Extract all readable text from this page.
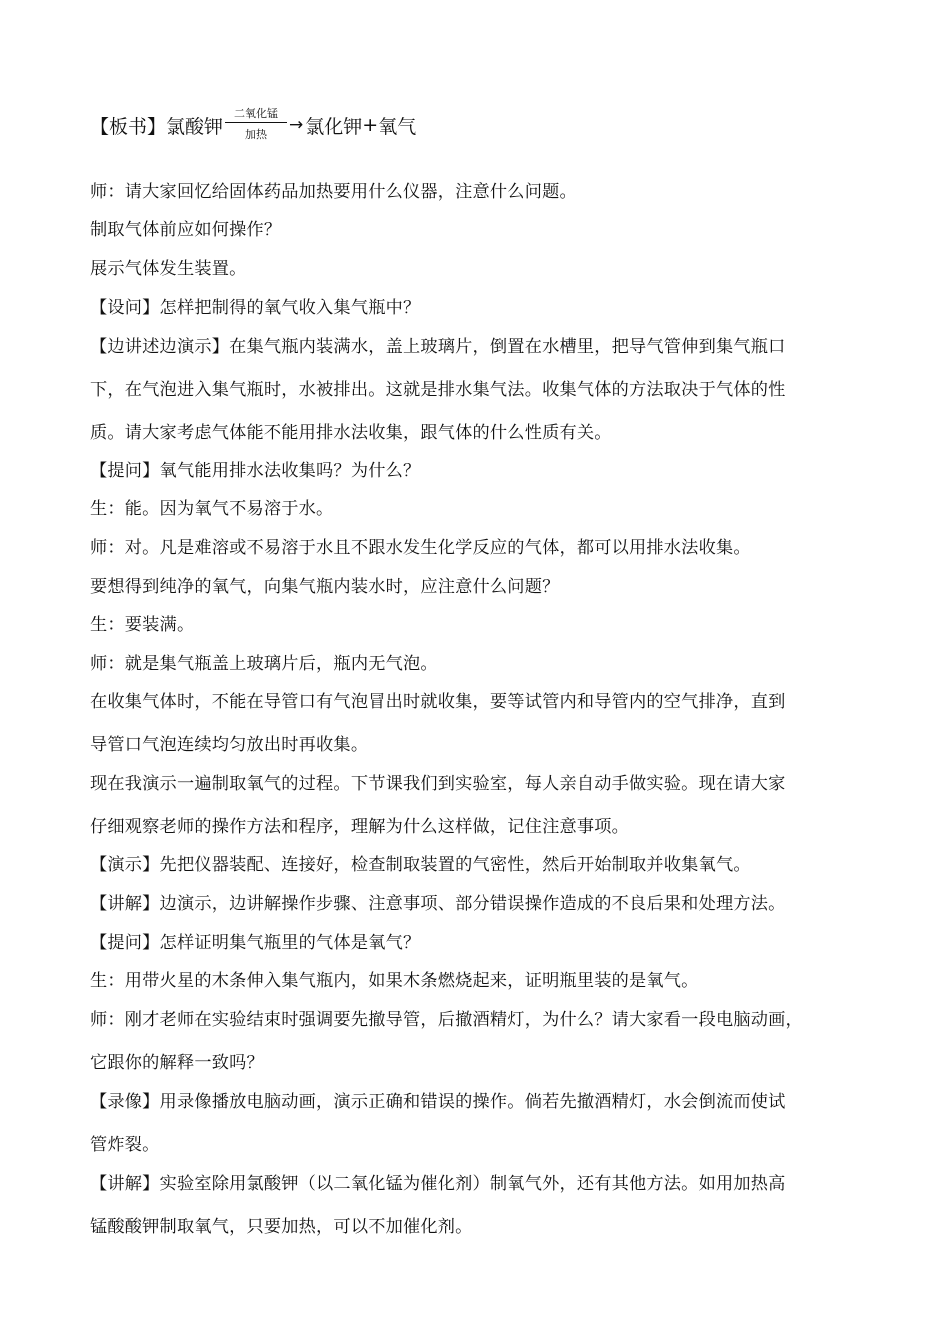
【板书】 氯酸钾 $\frac{\text{二氧化锰}}{\text{加热}}$ → 氯化钾 + 氧气
师：请大家回忆给固体药品加热要用什么仪器，注意什么问题。
制取气体前应如何操作？
展示气体发生装置。
【设问】怎样把制得的氧气收入集气瓶中？
【边讲述边演示】在集气瓶内装满水，盖上玻璃片，倒置在水槽里，把导气管伸到集气瓶口
下，在气泡进入集气瓶时，水被排出。这就是排水集气法。收集气体的方法取决于气体的性
质。请大家考虑气体能不能用排水法收集，跟气体的什么性质有关。
【提问】氧气能用排水法收集吗？为什么？
生：能。因为氧气不易溶于水。
师：对。凡是难溶或不易溶于水且不跟水发生化学反应的气体，都可以用排水法收集。
要想得到纯净的氧气，向集气瓶内装水时，应注意什么问题？
生：要装满。
师：就是集气瓶盖上玻璃片后，瓶内无气泡。
在收集气体时，不能在导管口有气泡冒出时就收集，要等试管内和导管内的空气排净，直到
导管口气泡连续均匀放出时再收集。
现在我演示一遍制取氧气的过程。下节课我们到实验室，每人亲自动手做实验。现在请大家
仔细观察老师的操作方法和程序，理解为什么这样做，记住注意事项。
【演示】先把仪器装配、连接好，检查制取装置的气密性，然后开始制取并收集氧气。
【讲解】边演示，边讲解操作步骤、注意事项、部分错误操作造成的不良后果和处理方法。
【提问】怎样证明集气瓶里的气体是氧气？
生：用带火星的木条伸入集气瓶内，如果木条燃烧起来，证明瓶里装的是氧气。
师：刚才老师在实验结束时强调要先撤导管，后撤酒精灯，为什么？请大家看一段电脑动画，
它跟你的解释一致吗？
【录像】用录像播放电脑动画，演示正确和错误的操作。倘若先撤酒精灯，水会倒流而使试
管炸裂。
【讲解】实验室除用氯酸钾（以二氧化锰为催化剂）制氧气外，还有其他方法。如用加热高
锰酸酸钾制取氧气，只要加热，可以不加催化剂。
